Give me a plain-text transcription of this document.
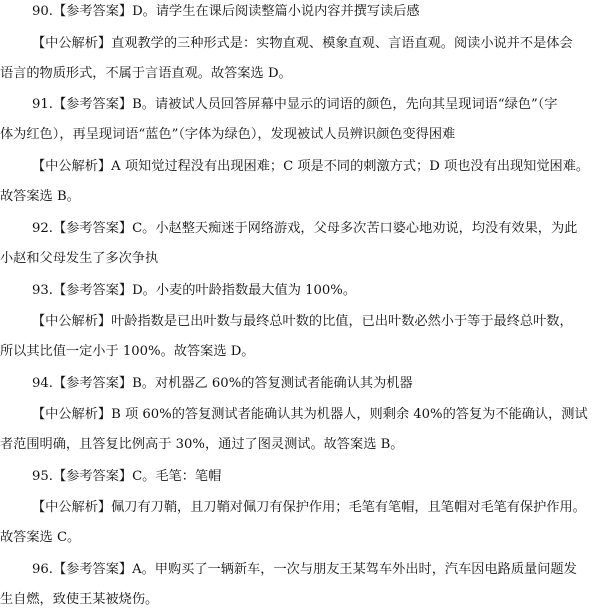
90.【参考答案】D。请学生在课后阅读整篇小说内容并撰写读后感
【中公解析】直观教学的三种形式是：实物直观、模象直观、言语直观。阅读小说并不是体会
语言的物质形式，不属于言语直观。故答案选 D。
91.【参考答案】B。请被试人员回答屏幕中显示的词语的颜色，先向其呈现词语“绿色”（字
体为红色），再呈现词语“蓝色”（字体为绿色），发现被试人员辨识颜色变得困难
【中公解析】A 项知觉过程没有出现困难；C 项是不同的刺激方式；D 项也没有出现知觉困难。
故答案选 B。
92.【参考答案】C。小赵整天痴迷于网络游戏，父母多次苦口婆心地劝说，均没有效果，为此
小赵和父母发生了多次争执
93.【参考答案】D。小麦的叶龄指数最大值为 100%。
【中公解析】叶龄指数是已出叶数与最终总叶数的比值，已出叶数必然小于等于最终总叶数，
所以其比值一定小于 100%。故答案选 D。
94.【参考答案】B。对机器乙 60%的答复测试者能确认其为机器
【中公解析】B 项 60%的答复测试者能确认其为机器人，则剩余 40%的答复为不能确认，测试
者范围明确，且答复比例高于 30%，通过了图灵测试。故答案选 B。
95.【参考答案】C。毛笔：笔帽
【中公解析】佩刀有刀鞘，且刀鞘对佩刀有保护作用；毛笔有笔帽，且笔帽对毛笔有保护作用。
故答案选 C。
96.【参考答案】A。甲购买了一辆新车，一次与朋友王某驾车外出时，汽车因电路质量问题发
生自燃，致使王某被烧伤。
